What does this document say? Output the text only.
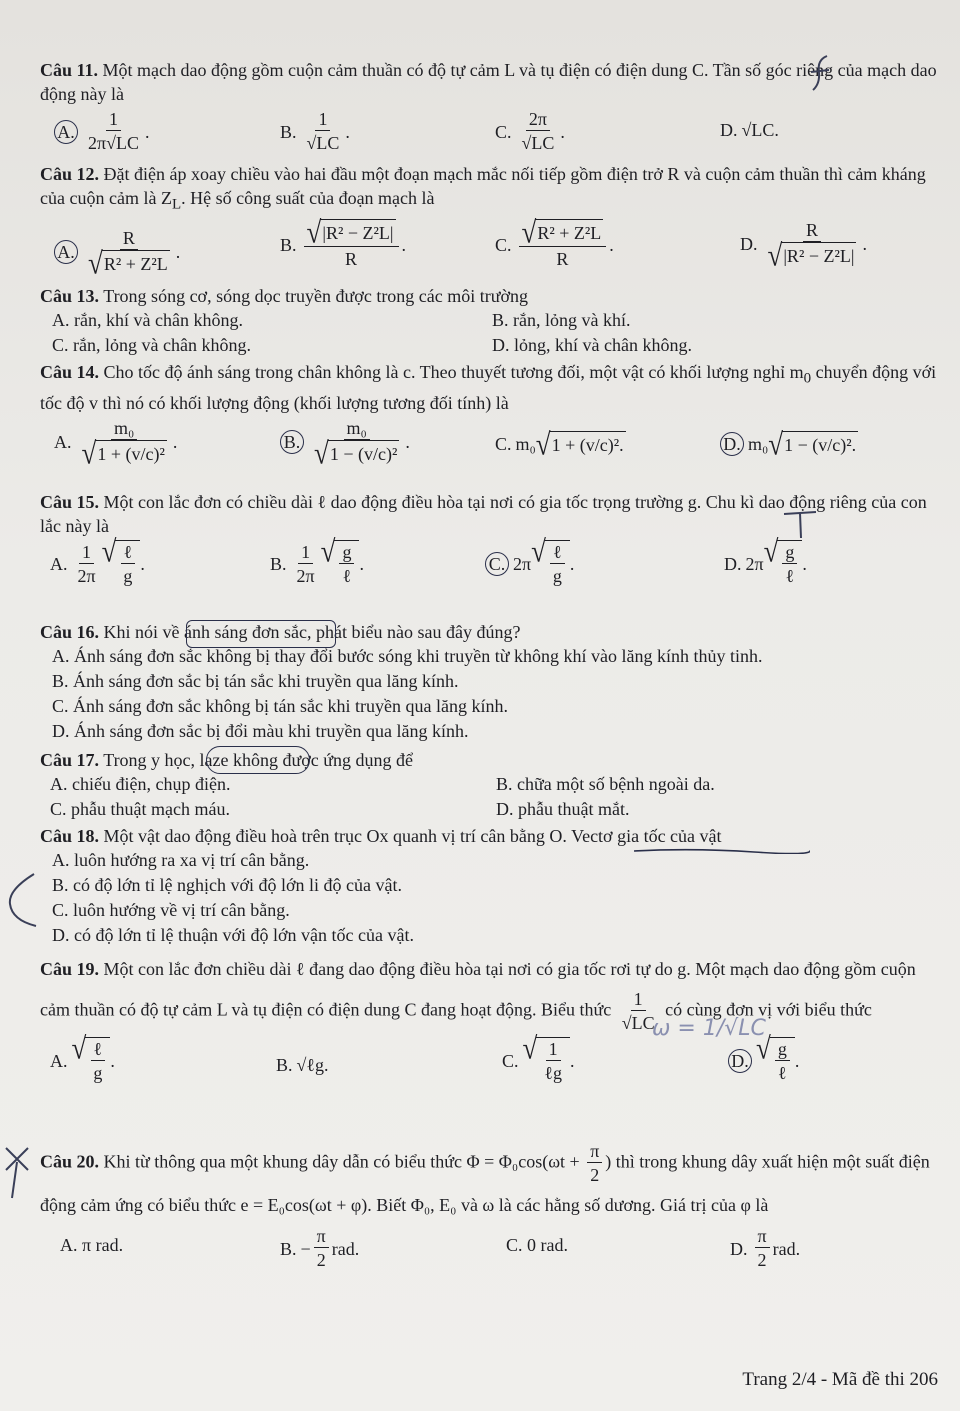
Câu 11. Một mạch dao động gồm cuộn cảm thuần có độ tự cảm L và tụ điện có điện dung C. Tần số góc riêng của mạch dao động này là
A. $\frac{1}{2\pi√LC}$ .	B. $\frac{1}{√LC}$ .	C. $\frac{2\pi}{√LC}$ .	D. √LC.
Câu 12. Đặt điện áp xoay chiều vào hai đầu một đoạn mạch mắc nối tiếp gồm điện trở R và cuộn cảm thuần thì cảm kháng của cuộn cảm là $Z_L$. Hệ số công suất của đoạn mạch là
A. $\frac{R}{\text{√ R² + Z²L}}$ .	B. $\frac{\text{√ |R² − Z²L|}}{R}$ .	C. $\frac{\text{√ R² + Z²L}}{R}$ .	D. $\frac{R}{\text{√ |R² − Z²L|}}$ .
Câu 13. Trong sóng cơ, sóng dọc truyền được trong các môi trường
A. rắn, khí và chân không.	B. rắn, lỏng và khí.
C. rắn, lỏng và chân không.	D. lỏng, khí và chân không.
Câu 14. Cho tốc độ ánh sáng trong chân không là c. Theo thuyết tương đối, một vật có khối lượng nghỉ $m_0$ chuyển động với tốc độ v thì nó có khối lượng động (khối lượng tương đối tính) là
A. $\frac{\text{m₀}}{\text{√ 1 + (v/c)²}}$ .	B. $\frac{\text{m₀}}{\text{√ 1 − (v/c)²}}$ .	C. m₀ √ 1 + (v/c)².	D. m₀ √ 1 − (v/c)².
Câu 15. Một con lắc đơn có chiều dài ℓ dao động điều hòa tại nơi có gia tốc trọng trường g. Chu kì dao động riêng của con lắc này là
A. $\frac{1}{2\pi}$ √ $\frac{\text{ℓ}}{g}$ .	B. $\frac{1}{2\pi}$ √ $\frac{g}{\text{ℓ}}$ .	C. 2π √ $\frac{\text{ℓ}}{g}$ .	D. 2π √ $\frac{g}{\text{ℓ}}$ .
Câu 16. Khi nói về ánh sáng đơn sắc, phát biểu nào sau đây đúng?
A. Ánh sáng đơn sắc không bị thay đổi bước sóng khi truyền từ không khí vào lăng kính thủy tinh.
B. Ánh sáng đơn sắc bị tán sắc khi truyền qua lăng kính.
C. Ánh sáng đơn sắc không bị tán sắc khi truyền qua lăng kính.
D. Ánh sáng đơn sắc bị đổi màu khi truyền qua lăng kính.
Câu 17. Trong y học, laze không được ứng dụng để
A. chiếu điện, chụp điện.	B. chữa một số bệnh ngoài da.
C. phẫu thuật mạch máu.	D. phẫu thuật mắt.
Câu 18. Một vật dao động điều hoà trên trục Ox quanh vị trí cân bằng O. Vectơ gia tốc của vật
A. luôn hướng ra xa vị trí cân bằng.
B. có độ lớn tỉ lệ nghịch với độ lớn li độ của vật.
C. luôn hướng về vị trí cân bằng.
D. có độ lớn tỉ lệ thuận với độ lớn vận tốc của vật.
Câu 19. Một con lắc đơn chiều dài ℓ đang dao động điều hòa tại nơi có gia tốc rơi tự do g. Một mạch dao động gồm cuộn cảm thuần có độ tự cảm L và tụ điện có điện dung C đang hoạt động. Biểu thức $\frac{1}{√LC}$ có cùng đơn vị với biểu thức
A. √ $\frac{\text{ℓ}}{g}$ .	B. √ℓg.	C. √ $\frac{1}{\text{ℓg}}$ .	D. √ $\frac{g}{\text{ℓ}}$ .
Câu 20. Khi từ thông qua một khung dây dẫn có biểu thức $\Phi = \Phi_0\cos(\omega t + \frac{\pi}{2}$ ) thì trong khung dây xuất hiện một suất điện động cảm ứng có biểu thức e = E₀cos(ωt + φ). Biết Φ₀, E₀ và ω là các hằng số dương. Giá trị của φ là
A. π rad.	B. − $\frac{\pi}{2}$ rad.	C. 0 rad.	D. $\frac{\pi}{2}$ rad.
ω = 1/√LC
Trang 2/4 - Mã đề thi 206
